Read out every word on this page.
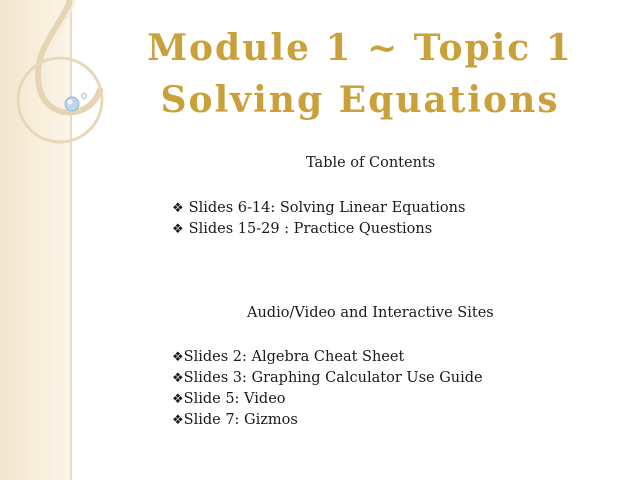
Module 1 ~ Topic 1
Solving Equations
Table of Contents
❖ Slides 6-14: Solving Linear Equations
❖ Slides 15-29 : Practice Questions
Audio/Video and Interactive Sites
❖Slides 2: Algebra Cheat Sheet
❖Slides 3: Graphing Calculator Use Guide
❖Slide 5: Video
❖Slide 7: Gizmos
